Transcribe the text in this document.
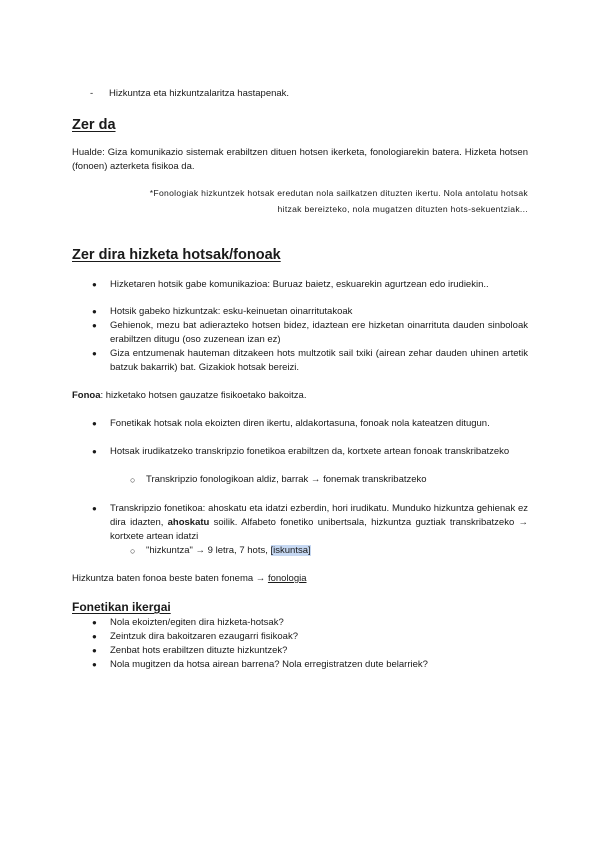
- Hizkuntza eta hizkuntzalaritza hastapenak.

Zer da

Hualde: Giza komunikazio sistemak erabiltzen dituen hotsen ikerketa, fonologiarekin batera. Hizketa hotsen (fonoen) azterketa fisikoa da.

*Fonologiak hizkuntzek hotsak eredutan nola sailkatzen dituzten ikertu. Nola antolatu hotsak

hitzak bereizteko, nola mugatzen dituzten hots-sekuentziak...

Zer dira hizketa hotsak/fonoak
● Hizketaren hotsik gabe komunikazioa: Buruaz baietz, eskuarekin agurtzean edo irudiekin..

● Hotsik gabeko hizkuntzak: esku-keinuetan oinarritutakoak

● Gehienok, mezu bat adierazteko hotsen bidez, idaztean ere hizketan oinarrituta dauden sinboloak erabiltzen ditugu (oso zuzenean izan ez)

● Giza entzumenak hauteman ditzakeen hots multzotik sail txiki (airean zehar dauden uhinen artetik batzuk bakarrik) bat. Gizakiok hotsak bereizi.

Fonoa: hizketako hotsen gauzatze fisikoetako bakoitza.

● Fonetikak hotsak nola ekoizten diren ikertu, aldakortasuna, fonoak nola kateatzen ditugun.

● Hotsak irudikatzeko transkripzio fonetikoa erabiltzen da, kortxete artean fonoak transkribatzeko

○ Transkripzio fonologikoan aldiz, barrak → fonemak transkribatzeko

● Transkripzio fonetikoa: ahoskatu eta idatzi ezberdin, hori irudikatu. Munduko hizkuntza gehienak ez dira idazten, ahoskatu soilik. Alfabeto fonetiko unibertsala, hizkuntza guztiak transkribatzeko → kortxete artean idatzi

○ "hizkuntza" → 9 letra, 7 hots, [iskuntsa]

Hizkuntza baten fonoa beste baten fonema → fonologia

Fonetikan ikergai
● Nola ekoizten/egiten dira hizketa-hotsak?

● Zeintzuk dira bakoitzaren ezaugarri fisikoak?

● Zenbat hots erabiltzen dituzte hizkuntzek?

● Nola mugitzen da hotsa airean barrena? Nola erregistratzen dute belarriek?
